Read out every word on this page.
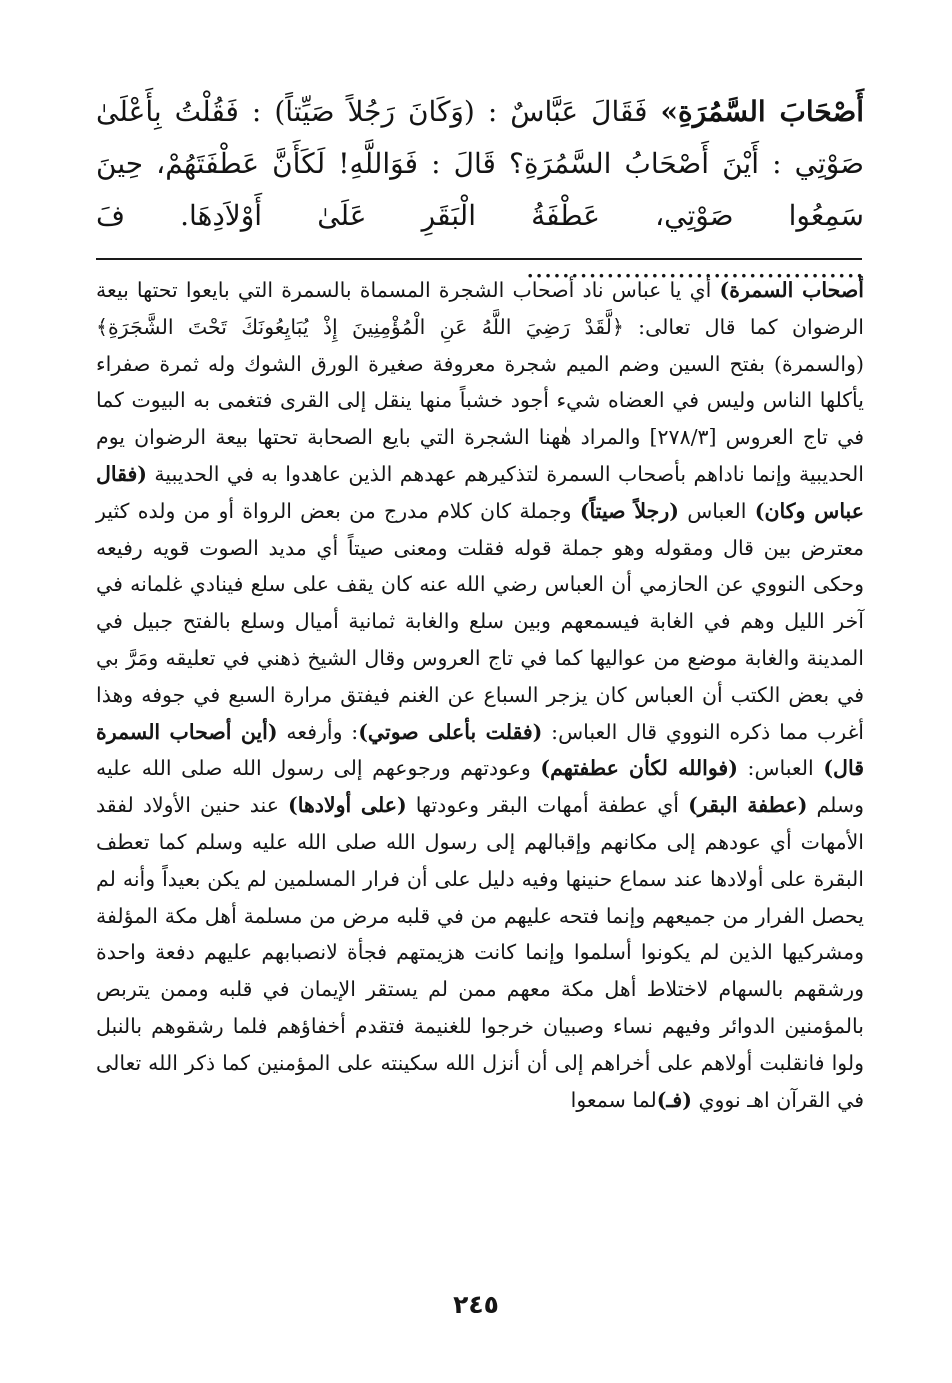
أَصْحَابَ السَّمُرَةِ» فَقَالَ عَبَّاسٌ : (وَكَانَ رَجُلاً صَيِّتاً) : فَقُلْتُ بِأَعْلَىٰ صَوْتِي : أَيْنَ أَصْحَابُ السَّمُرَةِ؟ قَالَ : فَوَاللَّهِ! لَكَأَنَّ عَطْفَتَهُمْ، حِينَ سَمِعُوا صَوْتِي، عَطْفَةُ الْبَقَرِ عَلَىٰ أَوْلاَدِهَا. فَ ......................................

أصحاب السمرة) أي يا عباس ناد أصحاب الشجرة المسماة بالسمرة التي بايعوا تحتها بيعة الرضوان كما قال تعالى: ﴿لَّقَدْ رَضِيَ اللَّهُ عَنِ الْمُؤْمِنِينَ إِذْ يُبَايِعُونَكَ تَحْتَ الشَّجَرَةِ﴾ (والسمرة) بفتح السين وضم الميم شجرة معروفة صغيرة الورق الشوك وله ثمرة صفراء يأكلها الناس وليس في العضاه شيء أجود خشباً منها ينقل إلى القرى فتغمى به البيوت كما في تاج العروس [٢٧٨/٣] والمراد هٰهنا الشجرة التي بايع الصحابة تحتها بيعة الرضوان يوم الحديبية وإنما ناداهم بأصحاب السمرة لتذكيرهم عهدهم الذين عاهدوا به في الحديبية (فقال عباس وكان) العباس (رجلاً صيتاً) وجملة كان كلام مدرج من بعض الرواة أو من ولده كثير معترض بين قال ومقوله وهو جملة قوله فقلت ومعنى صيتاً أي مديد الصوت قويه رفيعه وحكى النووي عن الحازمي أن العباس رضي الله عنه كان يقف على سلع فينادي غلمانه في آخر الليل وهم في الغابة فيسمعهم وبين سلع والغابة ثمانية أميال وسلع بالفتح جبيل في المدينة والغابة موضع من عواليها كما في تاج العروس وقال الشيخ ذهني في تعليقه ومَرَّ بي في بعض الكتب أن العباس كان يزجر السباع عن الغنم فيفتق مرارة السبع في جوفه وهذا أغرب مما ذكره النووي قال العباس: (فقلت بأعلى صوتي): وأرفعه (أين أصحاب السمرة قال) العباس: (فوالله لكأن عطفتهم) وعودتهم ورجوعهم إلى رسول الله صلى الله عليه وسلم (عطفة البقر) أي عطفة أمهات البقر وعودتها (على أولادها) عند حنين الأولاد لفقد الأمهات أي عودهم إلى مكانهم وإقبالهم إلى رسول الله صلى الله عليه وسلم كما تعطف البقرة على أولادها عند سماع حنينها وفيه دليل على أن فرار المسلمين لم يكن بعيداً وأنه لم يحصل الفرار من جميعهم وإنما فتحه عليهم من في قلبه مرض من مسلمة أهل مكة المؤلفة ومشركيها الذين لم يكونوا أسلموا وإنما كانت هزيمتهم فجأة لانصبابهم عليهم دفعة واحدة ورشقهم بالسهام لاختلاط أهل مكة معهم ممن لم يستقر الإيمان في قلبه وممن يتربص بالمؤمنين الدوائر وفيهم نساء وصبيان خرجوا للغنيمة فتقدم أخفاؤهم فلما رشقوهم بالنبل ولوا فانقلبت أولاهم على أخراهم إلى أن أنزل الله سكينته على المؤمنين كما ذكر الله تعالى في القرآن اهـ نووي (فـ)لما سمعوا

٢٤٥
